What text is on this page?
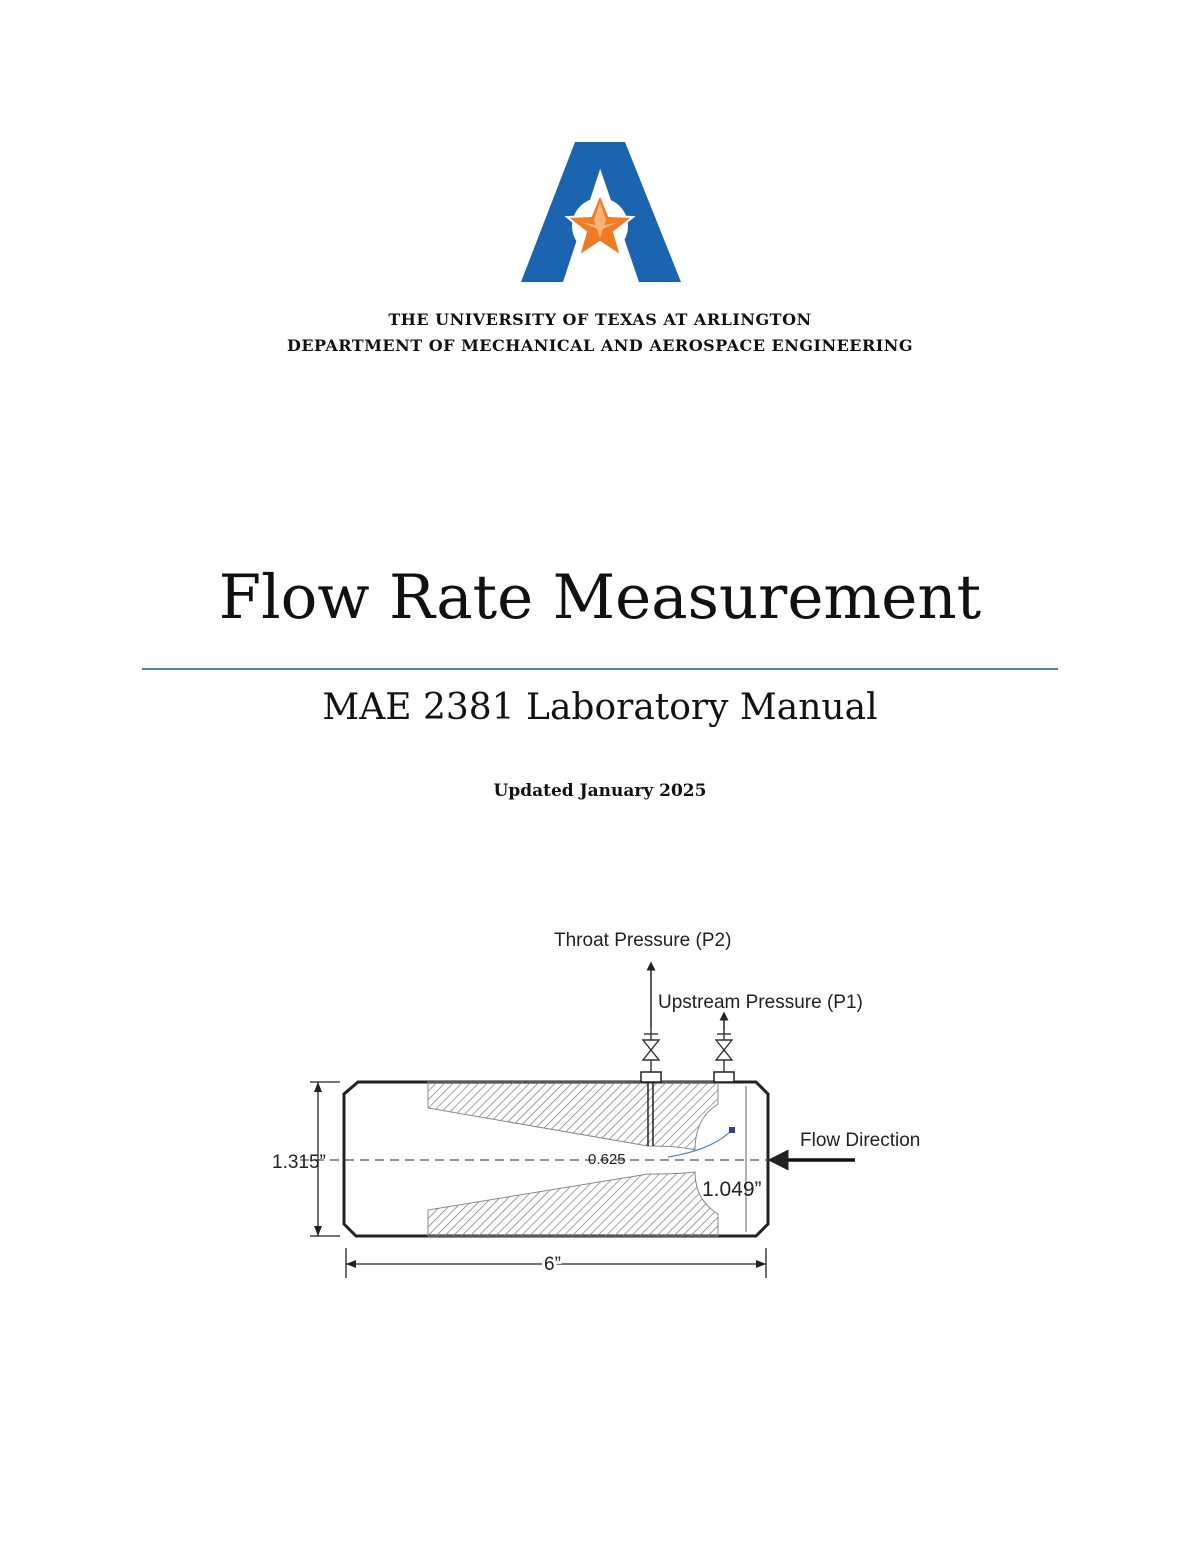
THE UNIVERSITY OF TEXAS AT ARLINGTON
DEPARTMENT OF MECHANICAL AND AEROSPACE ENGINEERING
Flow Rate Measurement
MAE 2381 Laboratory Manual
Updated January 2025
Throat Pressure (P2)
Upstream Pressure (P1)
Flow Direction
1.315”	0.625
1.049”
6”
